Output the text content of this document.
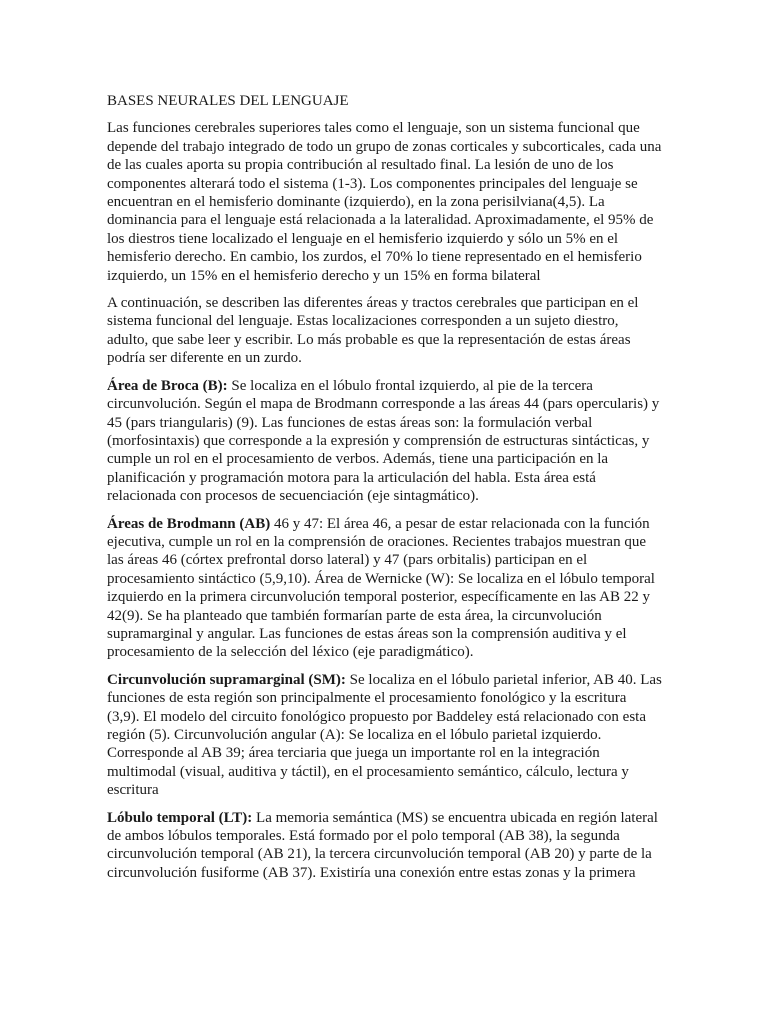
BASES NEURALES DEL LENGUAJE

Las funciones cerebrales superiores tales como el lenguaje, son un sistema funcional que depende del trabajo integrado de todo un grupo de zonas corticales y subcorticales, cada una de las cuales aporta su propia contribución al resultado final. La lesión de uno de los componentes alterará todo el sistema (1-3). Los componentes principales del lenguaje se encuentran en el hemisferio dominante (izquierdo), en la zona perisilviana(4,5). La dominancia para el lenguaje está relacionada a la lateralidad. Aproximadamente, el 95% de los diestros tiene localizado el lenguaje en el hemisferio izquierdo y sólo un 5% en el hemisferio derecho. En cambio, los zurdos, el 70% lo tiene representado en el hemisferio izquierdo, un 15% en el hemisferio derecho y un 15% en forma bilateral

A continuación, se describen las diferentes áreas y tractos cerebrales que participan en el sistema funcional del lenguaje. Estas localizaciones corresponden a un sujeto diestro, adulto, que sabe leer y escribir. Lo más probable es que la representación de estas áreas podría ser diferente en un zurdo.

Área de Broca (B): Se localiza en el lóbulo frontal izquierdo, al pie de la tercera circunvolución. Según el mapa de Brodmann corresponde a las áreas 44 (pars opercularis) y 45 (pars triangularis) (9). Las funciones de estas áreas son: la formulación verbal (morfosintaxis) que corresponde a la expresión y comprensión de estructuras sintácticas, y cumple un rol en el procesamiento de verbos. Además, tiene una participación en la planificación y programación motora para la articulación del habla. Esta área está relacionada con procesos de secuenciación (eje sintagmático).

Áreas de Brodmann (AB) 46 y 47: El área 46, a pesar de estar relacionada con la función ejecutiva, cumple un rol en la comprensión de oraciones. Recientes trabajos muestran que las áreas 46 (córtex prefrontal dorso lateral) y 47 (pars orbitalis) participan en el procesamiento sintáctico (5,9,10). Área de Wernicke (W): Se localiza en el lóbulo temporal izquierdo en la primera circunvolución temporal posterior, específicamente en las AB 22 y 42(9). Se ha planteado que también formarían parte de esta área, la circunvolución supramarginal y angular. Las funciones de estas áreas son la comprensión auditiva y el procesamiento de la selección del léxico (eje paradigmático).

Circunvolución supramarginal (SM): Se localiza en el lóbulo parietal inferior, AB 40. Las funciones de esta región son principalmente el procesamiento fonológico y la escritura (3,9). El modelo del circuito fonológico propuesto por Baddeley está relacionado con esta región (5). Circunvolución angular (A): Se localiza en el lóbulo parietal izquierdo. Corresponde al AB 39; área terciaria que juega un importante rol en la integración multimodal (visual, auditiva y táctil), en el procesamiento semántico, cálculo, lectura y escritura

Lóbulo temporal (LT): La memoria semántica (MS) se encuentra ubicada en región lateral de ambos lóbulos temporales. Está formado por el polo temporal (AB 38), la segunda circunvolución temporal (AB 21), la tercera circunvolución temporal (AB 20) y parte de la circunvolución fusiforme (AB 37). Existiría una conexión entre estas zonas y la primera
